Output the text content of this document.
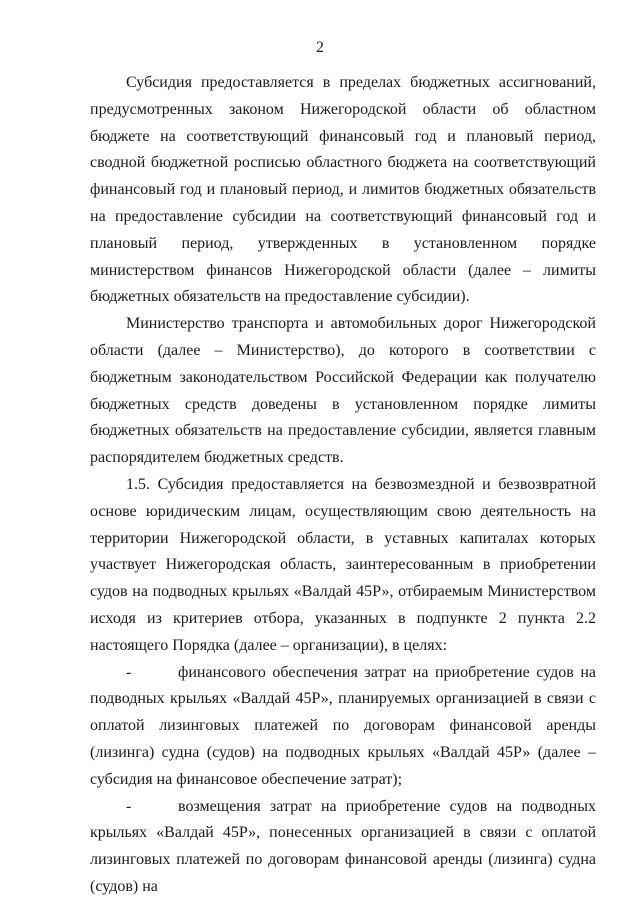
2

Субсидия предоставляется в пределах бюджетных ассигнований, предусмотренных законом Нижегородской области об областном бюджете на соответствующий финансовый год и плановый период, сводной бюджетной росписью областного бюджета на соответствующий финансовый год и плановый период, и лимитов бюджетных обязательств на предоставление субсидии на соответствующий финансовый год и плановый период, утвержденных в установленном порядке министерством финансов Нижегородской области (далее – лимиты бюджетных обязательств на предоставление субсидии).

Министерство транспорта и автомобильных дорог Нижегородской области (далее – Министерство), до которого в соответствии с бюджетным законодательством Российской Федерации как получателю бюджетных средств доведены в установленном порядке лимиты бюджетных обязательств на предоставление субсидии, является главным распорядителем бюджетных средств.

1.5. Субсидия предоставляется на безвозмездной и безвозвратной основе юридическим лицам, осуществляющим свою деятельность на территории Нижегородской области, в уставных капиталах которых участвует Нижегородская область, заинтересованным в приобретении судов на подводных крыльях «Валдай 45Р», отбираемым Министерством исходя из критериев отбора, указанных в подпункте 2 пункта 2.2 настоящего Порядка (далее – организации), в целях:

-	финансового обеспечения затрат на приобретение судов на подводных крыльях «Валдай 45Р», планируемых организацией в связи с оплатой лизинговых платежей по договорам финансовой аренды (лизинга) судна (судов) на подводных крыльях «Валдай 45Р» (далее – субсидия на финансовое обеспечение затрат);

-	возмещения затрат на приобретение судов на подводных крыльях «Валдай 45Р», понесенных организацией в связи с оплатой лизинговых платежей по договорам финансовой аренды (лизинга) судна (судов) на
